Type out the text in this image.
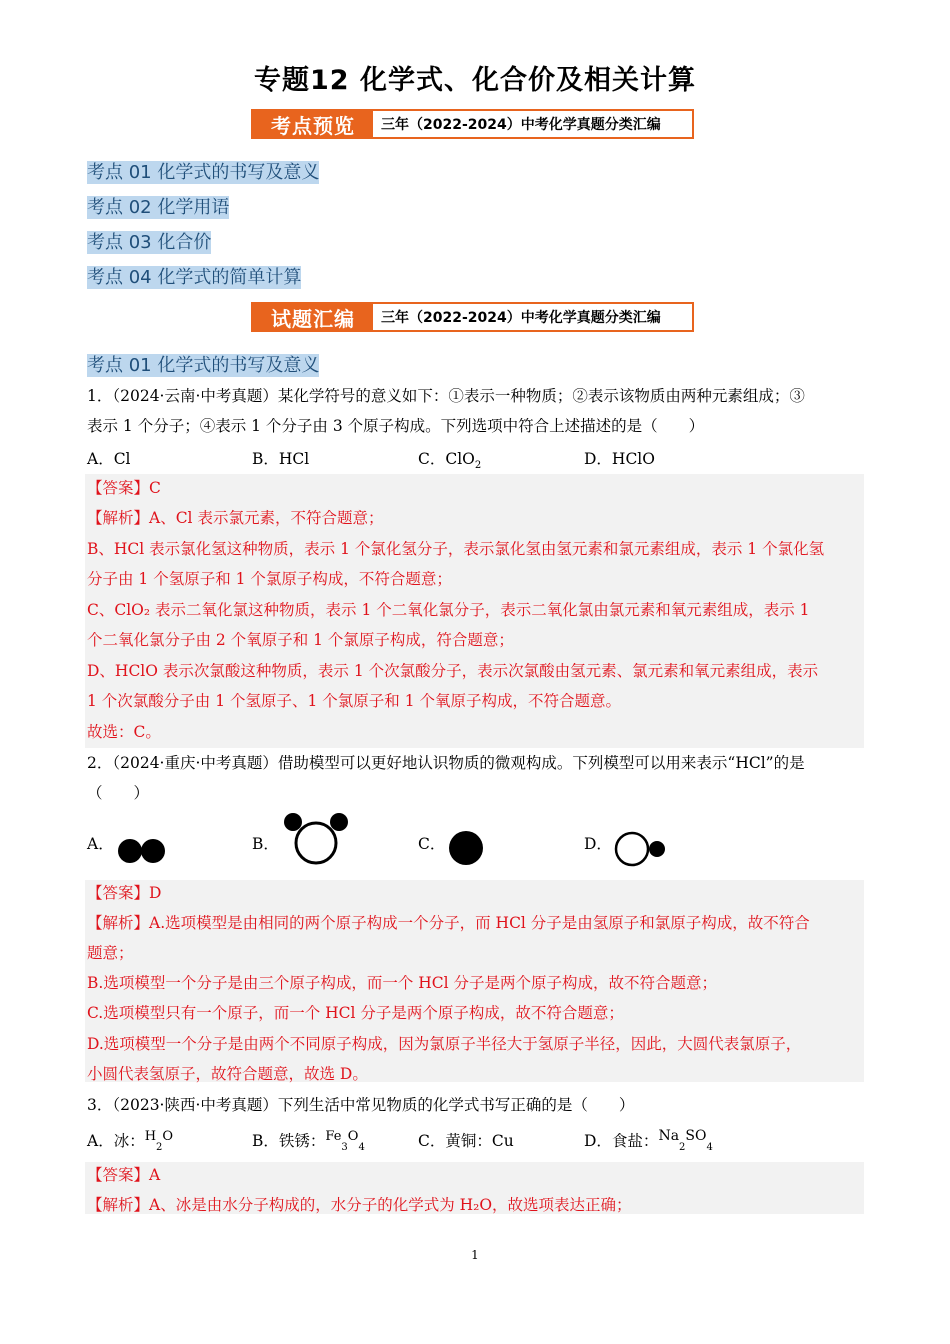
专题12 化学式、化合价及相关计算
考点预览	三年（2022-2024）中考化学真题分类汇编
考点 01 化学式的书写及意义
考点 02 化学用语
考点 03 化合价
考点 04 化学式的简单计算
试题汇编	三年（2022-2024）中考化学真题分类汇编
考点 01 化学式的书写及意义
1．（2024·云南·中考真题）某化学符号的意义如下：①表示一种物质；②表示该物质由两种元素组成；③
表示 1 个分子；④表示 1 个分子由 3 个原子构成。下列选项中符合上述描述的是（　　）
A．Cl	B．HCl	C．ClO$_2$	D．HClO
【答案】C
【解析】A、Cl 表示氯元素，不符合题意；
B、HCl 表示氯化氢这种物质，表示 1 个氯化氢分子，表示氯化氢由氢元素和氯元素组成，表示 1 个氯化氢
分子由 1 个氢原子和 1 个氯原子构成，不符合题意；
C、ClO₂ 表示二氧化氯这种物质，表示 1 个二氧化氯分子，表示二氧化氯由氯元素和氧元素组成，表示 1
个二氧化氯分子由 2 个氧原子和 1 个氯原子构成，符合题意；
D、HClO 表示次氯酸这种物质，表示 1 个次氯酸分子，表示次氯酸由氢元素、氯元素和氧元素组成，表示
1 个次氯酸分子由 1 个氢原子、1 个氯原子和 1 个氧原子构成，不符合题意。
故选：C。
2．（2024·重庆·中考真题）借助模型可以更好地认识物质的微观构成。下列模型可以用来表示“HCl”的是
（　　）
A．	B．	C．	D．
【答案】D
【解析】A.选项模型是由相同的两个原子构成一个分子，而 HCl 分子是由氢原子和氯原子构成，故不符合
题意；
B.选项模型一个分子是由三个原子构成，而一个 HCl 分子是两个原子构成，故不符合题意；
C.选项模型只有一个原子，而一个 HCl 分子是两个原子构成，故不符合题意；
D.选项模型一个分子是由两个不同原子构成，因为氯原子半径大于氢原子半径，因此，大圆代表氯原子，
小圆代表氢原子，故符合题意，故选 D。
3．（2023·陕西·中考真题）下列生活中常见物质的化学式书写正确的是（　　）
A．冰：$^H_2^O$	B．铁锈：$^{Fe}_3^O_4$	C．黄铜：Cu	D．食盐：$Na_2SO_4$
【答案】A
【解析】A、冰是由水分子构成的，水分子的化学式为 H₂O，故选项表达正确；
1
